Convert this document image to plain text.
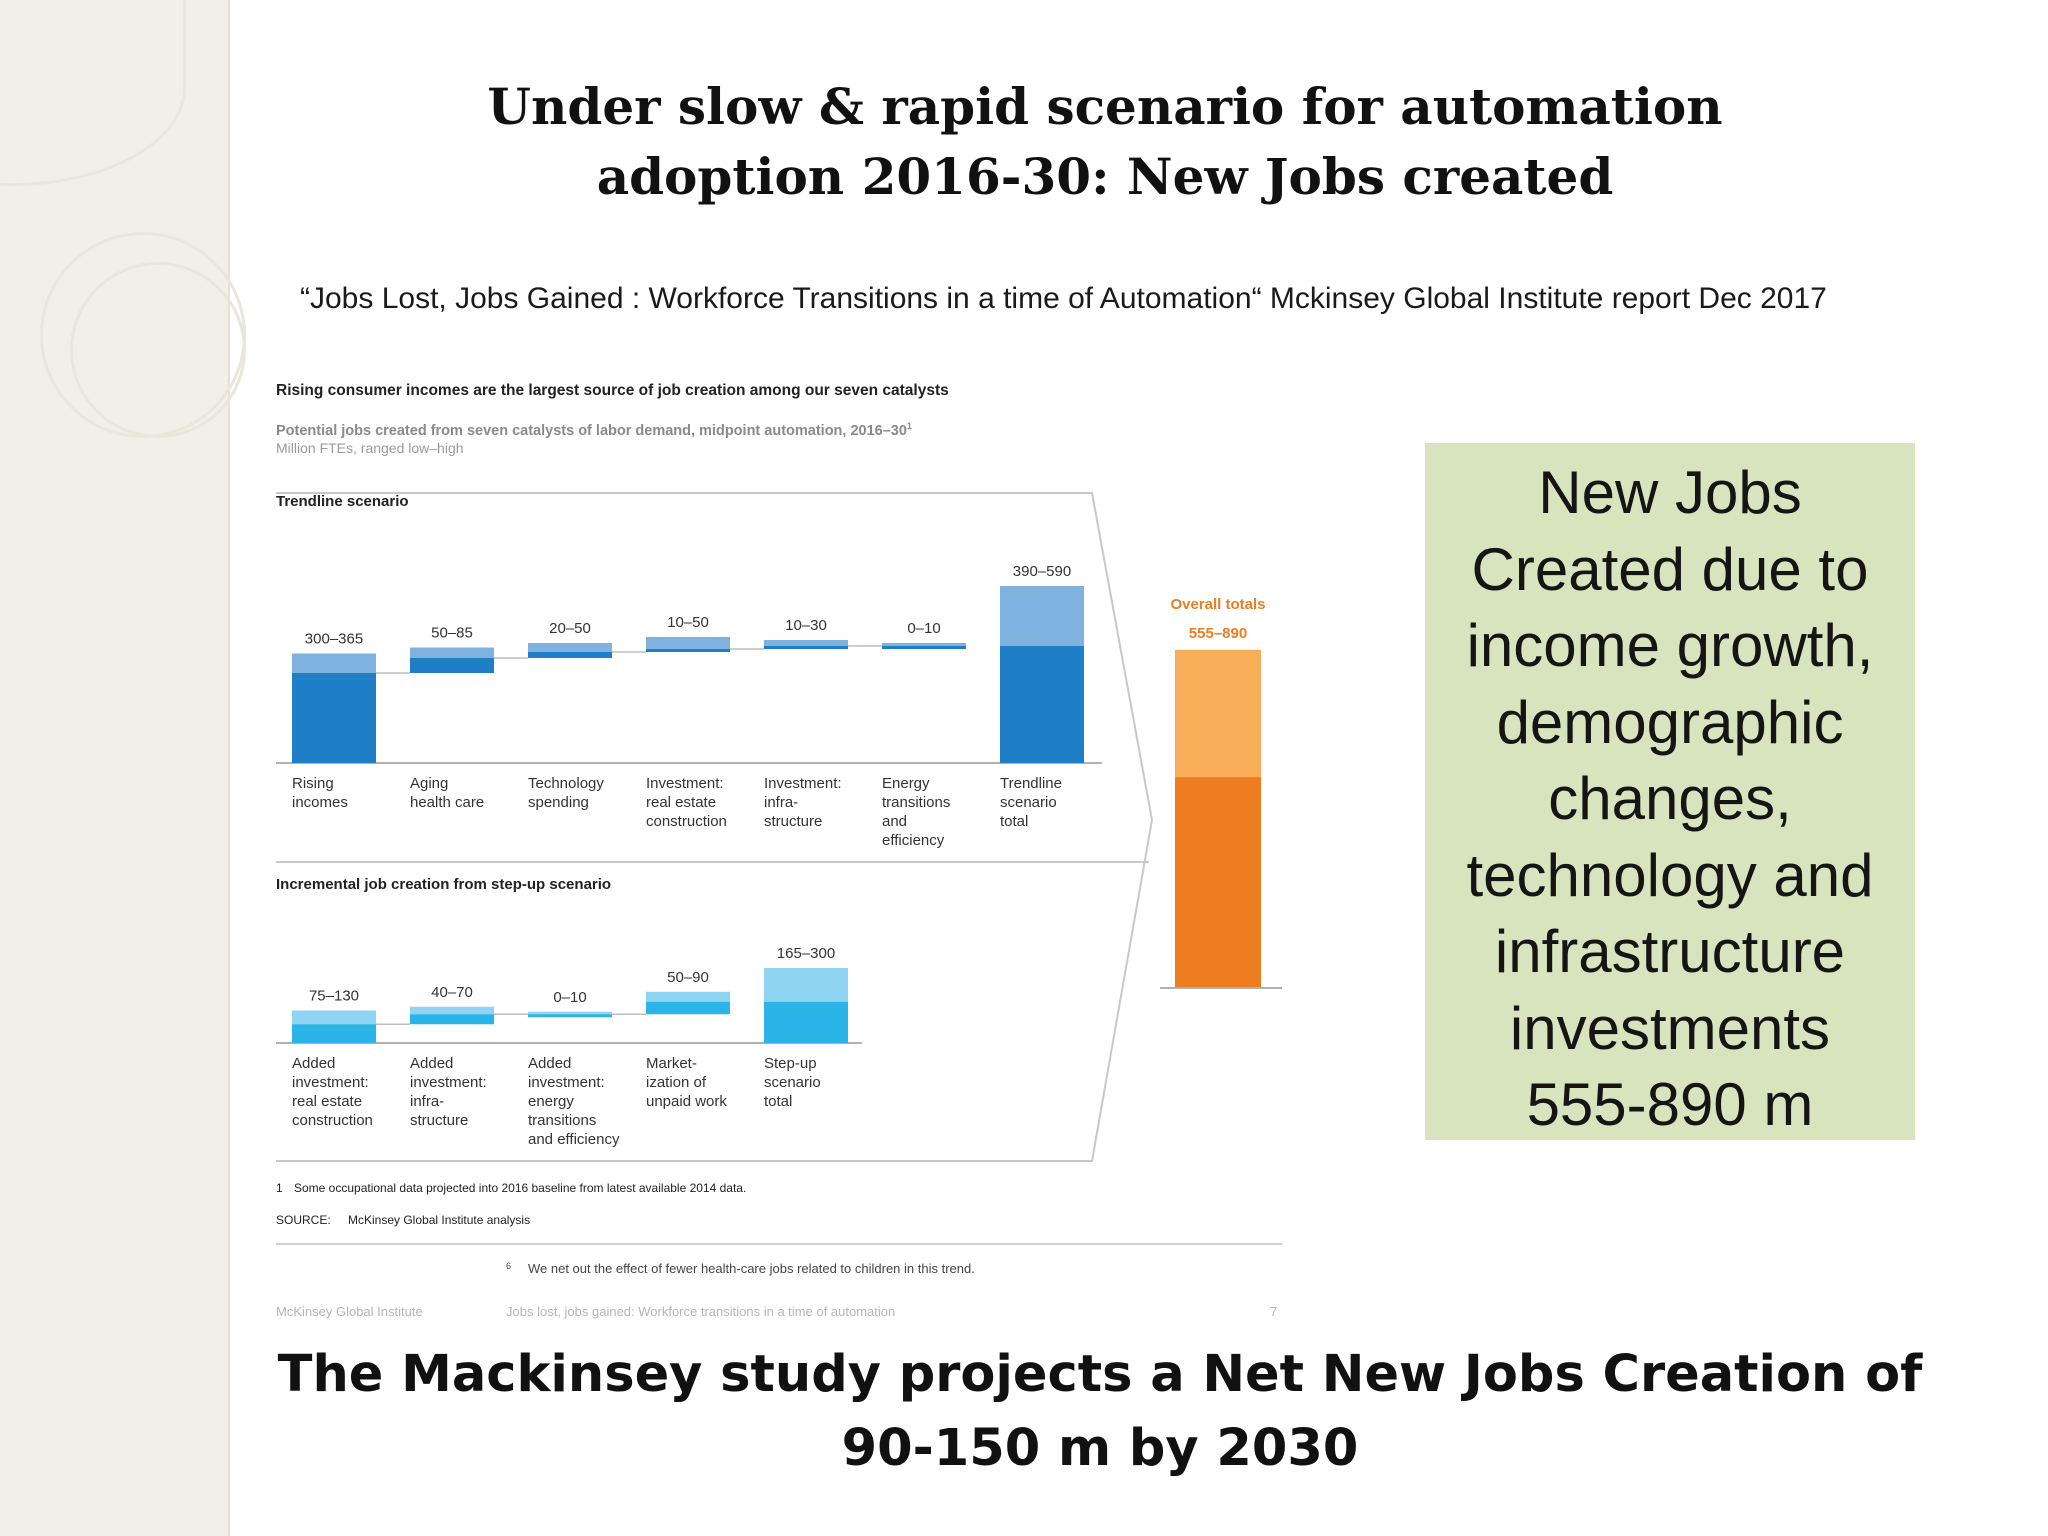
Under slow & rapid scenario for automation
adoption 2016-30: New Jobs created
“Jobs Lost, Jobs Gained : Workforce Transitions in a time of Automation“ Mckinsey Global Institute report Dec 2017
Rising consumer incomes are the largest source of job creation among our seven catalysts
Potential jobs created from seven catalysts of labor demand, midpoint automation, $2016-30^1$
Million FTEs, ranged low–high
Trendline scenario
Incremental job creation from step-up scenario
300–365
Rising incomes
50–85
Aging health care
20–50
Technology spending
10–50
Investment: real estate construction
10–30
Investment: infra-structure
0–10
Energy transitions and efficiency
390–590
Trendline scenario total
75–130
Added investment: real estate construction
40–70
Added investment: infra-structure
0–10
Added investment: energy transitions and efficiency
50–90
Market-ization of unpaid work
165–300
Step-up scenario total
Overall totals
555–890
1 Some occupational data projected into 2016 baseline from latest available 2014 data.
SOURCE: McKinsey Global Institute analysis
6 We net out the effect of fewer health-care jobs related to children in this trend.
McKinsey Global Institute	Jobs lost, jobs gained: Workforce transitions in a time of automation	7
New Jobs
Created due to
income growth,
demographic
changes,
technology and
infrastructure
investments
555-890 m
The Mackinsey study projects a Net New Jobs Creation of
90-150 m by 2030
